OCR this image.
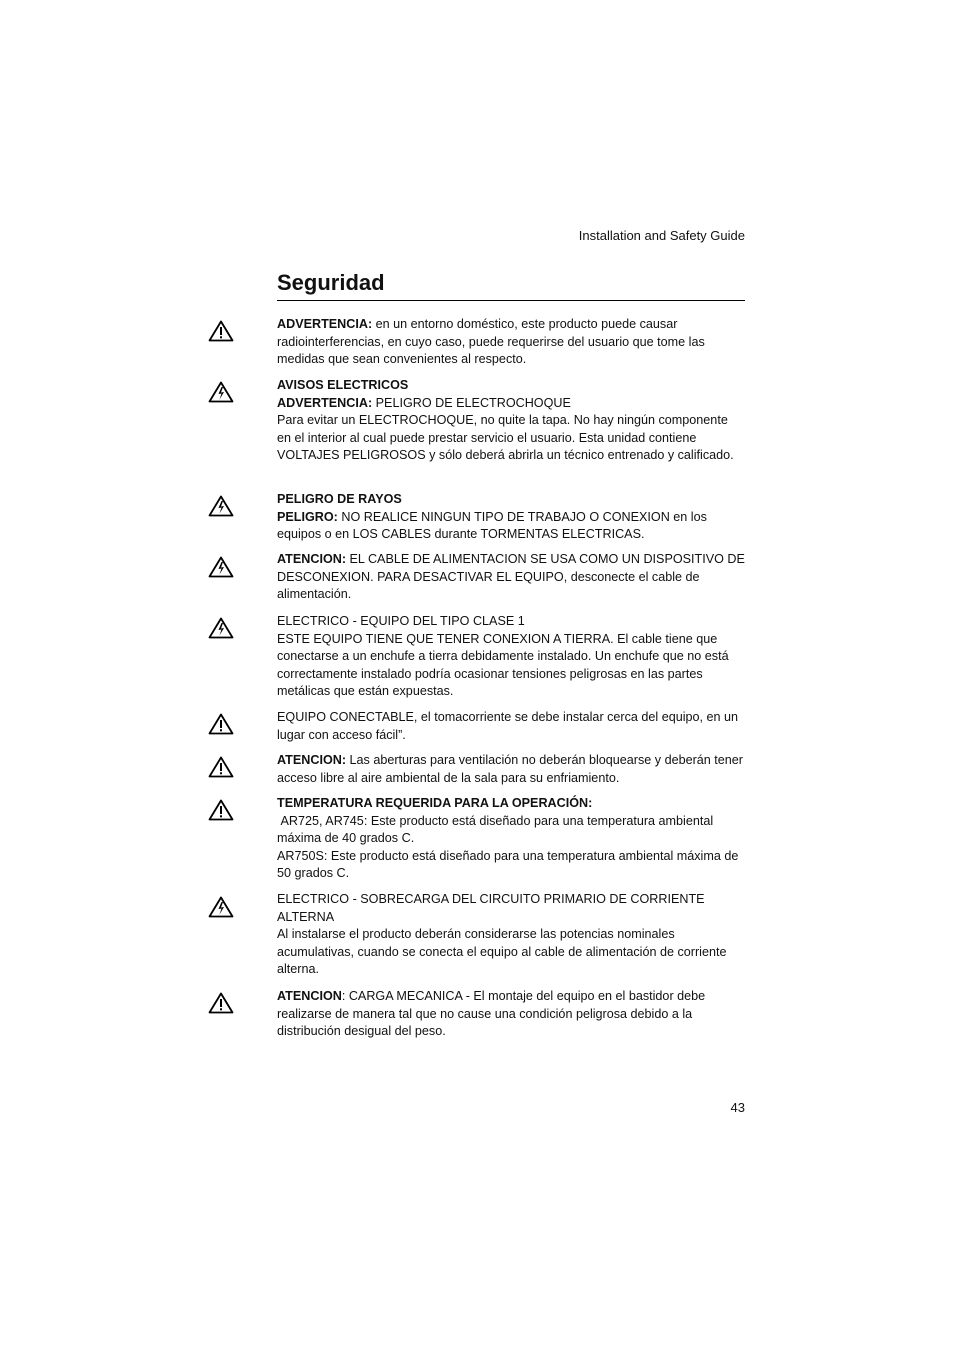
Installation and Safety Guide
Seguridad

ADVERTENCIA: en un entorno doméstico, este producto puede causar radiointerferencias, en cuyo caso, puede requerirse del usuario que tome las medidas que sean convenientes al respecto.

AVISOS ELECTRICOS

ADVERTENCIA: PELIGRO DE ELECTROCHOQUE

Para evitar un ELECTROCHOQUE, no quite la tapa. No hay ningún componente en el interior al cual puede prestar servicio el usuario. Esta unidad contiene VOLTAJES PELIGROSOS y sólo deberá abrirla un técnico entrenado y calificado.

PELIGRO DE RAYOS

PELIGRO: NO REALICE NINGUN TIPO DE TRABAJO O CONEXION en los equipos o en LOS CABLES durante TORMENTAS ELECTRICAS.

ATENCION: EL CABLE DE ALIMENTACION SE USA COMO UN DISPOSITIVO DE DESCONEXION. PARA DESACTIVAR EL EQUIPO, desconecte el cable de alimentación.

ELECTRICO - EQUIPO DEL TIPO CLASE 1

ESTE EQUIPO TIENE QUE TENER CONEXION A TIERRA. El cable tiene que conectarse a un enchufe a tierra debidamente instalado. Un enchufe que no está correctamente instalado podría ocasionar tensiones peligrosas en las partes metálicas que están expuestas.

EQUIPO CONECTABLE, el tomacorriente se debe instalar cerca del equipo, en un lugar con acceso fácil”.

ATENCION: Las aberturas para ventilación no deberán bloquearse y deberán tener acceso libre al aire ambiental de la sala para su enfriamiento.

TEMPERATURA REQUERIDA PARA LA OPERACIÓN:

AR725, AR745: Este producto está diseñado para una temperatura ambiental máxima de 40 grados C.

AR750S: Este producto está diseñado para una temperatura ambiental máxima de 50 grados C.

ELECTRICO - SOBRECARGA DEL CIRCUITO PRIMARIO DE CORRIENTE ALTERNA

Al instalarse el producto deberán considerarse las potencias nominales acumulativas, cuando se conecta el equipo al cable de alimentación de corriente alterna.

ATENCION: CARGA MECANICA - El montaje del equipo en el bastidor debe realizarse de manera tal que no cause una condición peligrosa debido a la distribución desigual del peso.

43
